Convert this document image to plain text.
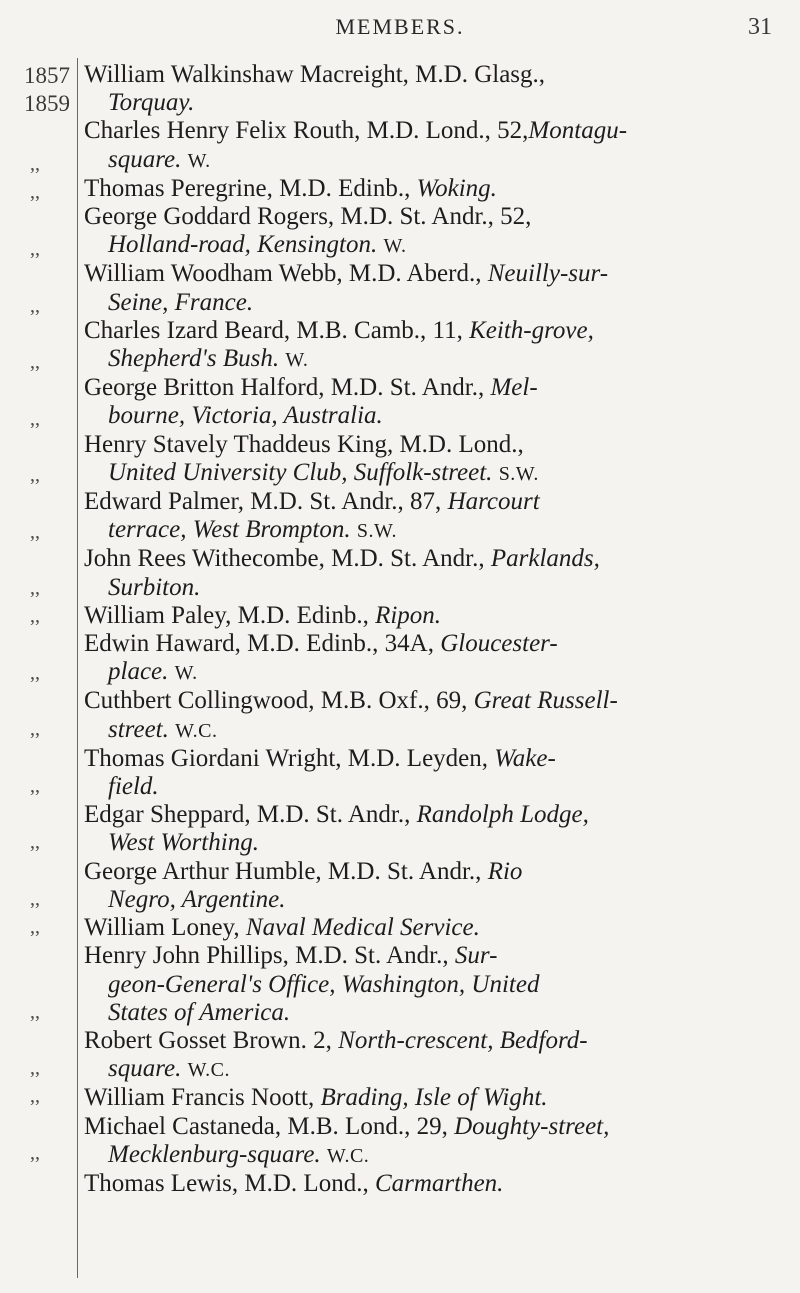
MEMBERS.	31
1857
1859
,,
,,
,,
,,
,,
,,
,,
,,
,,
,,
,,
,,
,,
,,
,,
,,
,,
,,
,,
,,
William Walkinshaw Macreight, M.D. Glasg.,
Torquay.
Charles Henry Felix Routh, M.D. Lond., 52,Montagu-
square. W.
Thomas Peregrine, M.D. Edinb., Woking.
George Goddard Rogers, M.D. St. Andr., 52,
Holland-road, Kensington. W.
William Woodham Webb, M.D. Aberd., Neuilly-sur-
Seine, France.
Charles Izard Beard, M.B. Camb., 11, Keith-grove,
Shepherd's Bush. W.
George Britton Halford, M.D. St. Andr., Mel-
bourne, Victoria, Australia.
Henry Stavely Thaddeus King, M.D. Lond.,
United University Club, Suffolk-street. S.W.
Edward Palmer, M.D. St. Andr., 87, Harcourt
terrace, West Brompton. S.W.
John Rees Withecombe, M.D. St. Andr., Parklands,
Surbiton.
William Paley, M.D. Edinb., Ripon.
Edwin Haward, M.D. Edinb., 34A, Gloucester-
place. W.
Cuthbert Collingwood, M.B. Oxf., 69, Great Russell-
street. W.C.
Thomas Giordani Wright, M.D. Leyden, Wake-
field.
Edgar Sheppard, M.D. St. Andr., Randolph Lodge,
West Worthing.
George Arthur Humble, M.D. St. Andr., Rio
Negro, Argentine.
William Loney, Naval Medical Service.
Henry John Phillips, M.D. St. Andr., Sur-
geon-General's Office, Washington, United
States of America.
Robert Gosset Brown. 2, North-crescent, Bedford-
square. W.C.
William Francis Noott, Brading, Isle of Wight.
Michael Castaneda, M.B. Lond., 29, Doughty-street,
Mecklenburg-square. W.C.
Thomas Lewis, M.D. Lond., Carmarthen.
